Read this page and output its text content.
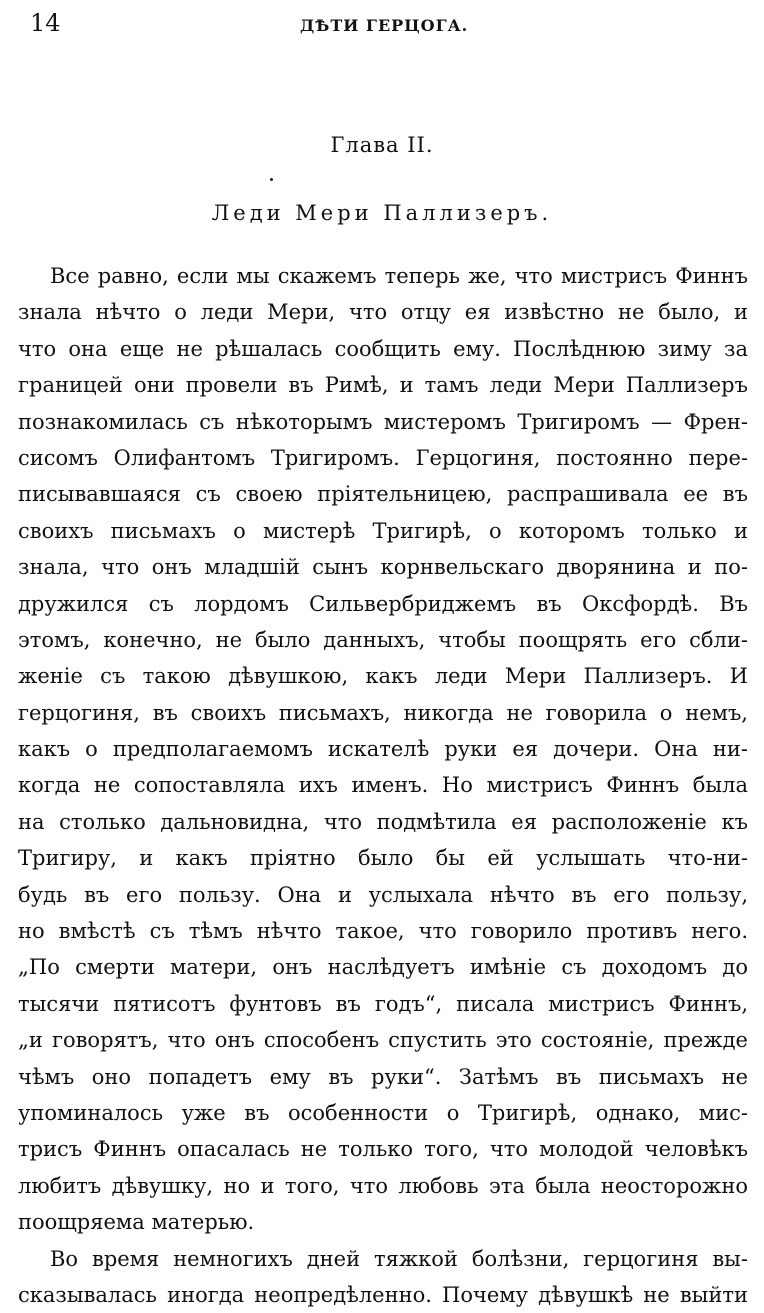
14	ДѢТИ ГЕРЦОГА.
Глава II.
Леди Мери Паллизеръ.
Все равно, если мы скажемъ теперь же, что мистрисъ Финнъ
знала нѣчто о леди Мери, что отцу ея извѣстно не было, и
что она еще не рѣшалась сообщить ему. Послѣднюю зиму за
границей они провели въ Римѣ, и тамъ леди Мери Паллизеръ
познакомилась съ нѣкоторымъ мистеромъ Тригиромъ — Френ-
сисомъ Олифантомъ Тригиромъ. Герцогиня, постоянно пере-
писывавшаяся съ своею пріятельницею, распрашивала ее въ
своихъ письмахъ о мистерѣ Тригирѣ, о которомъ только и
знала, что онъ младшій сынъ корнвельскаго дворянина и по-
дружился съ лордомъ Сильвербриджемъ въ Оксфордѣ. Въ
этомъ, конечно, не было данныхъ, чтобы поощрять его сбли-
женіе съ такою дѣвушкою, какъ леди Мери Паллизеръ. И
герцогиня, въ своихъ письмахъ, никогда не говорила о немъ,
какъ о предполагаемомъ искателѣ руки ея дочери. Она ни-
когда не сопоставляла ихъ именъ. Но мистрисъ Финнъ была
на столько дальновидна, что подмѣтила ея расположеніе къ
Тригиру, и какъ пріятно было бы ей услышать что-ни-
будь въ его пользу. Она и услыхала нѣчто въ его пользу,
но вмѣстѣ съ тѣмъ нѣчто такое, что говорило противъ него.
„По смерти матери, онъ наслѣдуетъ имѣніе съ доходомъ до
тысячи пятисотъ фунтовъ въ годъ“, писала мистрисъ Финнъ,
„и говорятъ, что онъ способенъ спустить это состояніе, прежде
чѣмъ оно попадетъ ему въ руки“. Затѣмъ въ письмахъ не
упоминалось уже въ особенности о Тригирѣ, однако, мис-
трисъ Финнъ опасалась не только того, что молодой человѣкъ
любитъ дѣвушку, но и того, что любовь эта была неосторожно
поощряема матерью.
Во время немногихъ дней тяжкой болѣзни, герцогиня вы-
сказывалась иногда неопредѣленно. Почему дѣвушкѣ не выйти
